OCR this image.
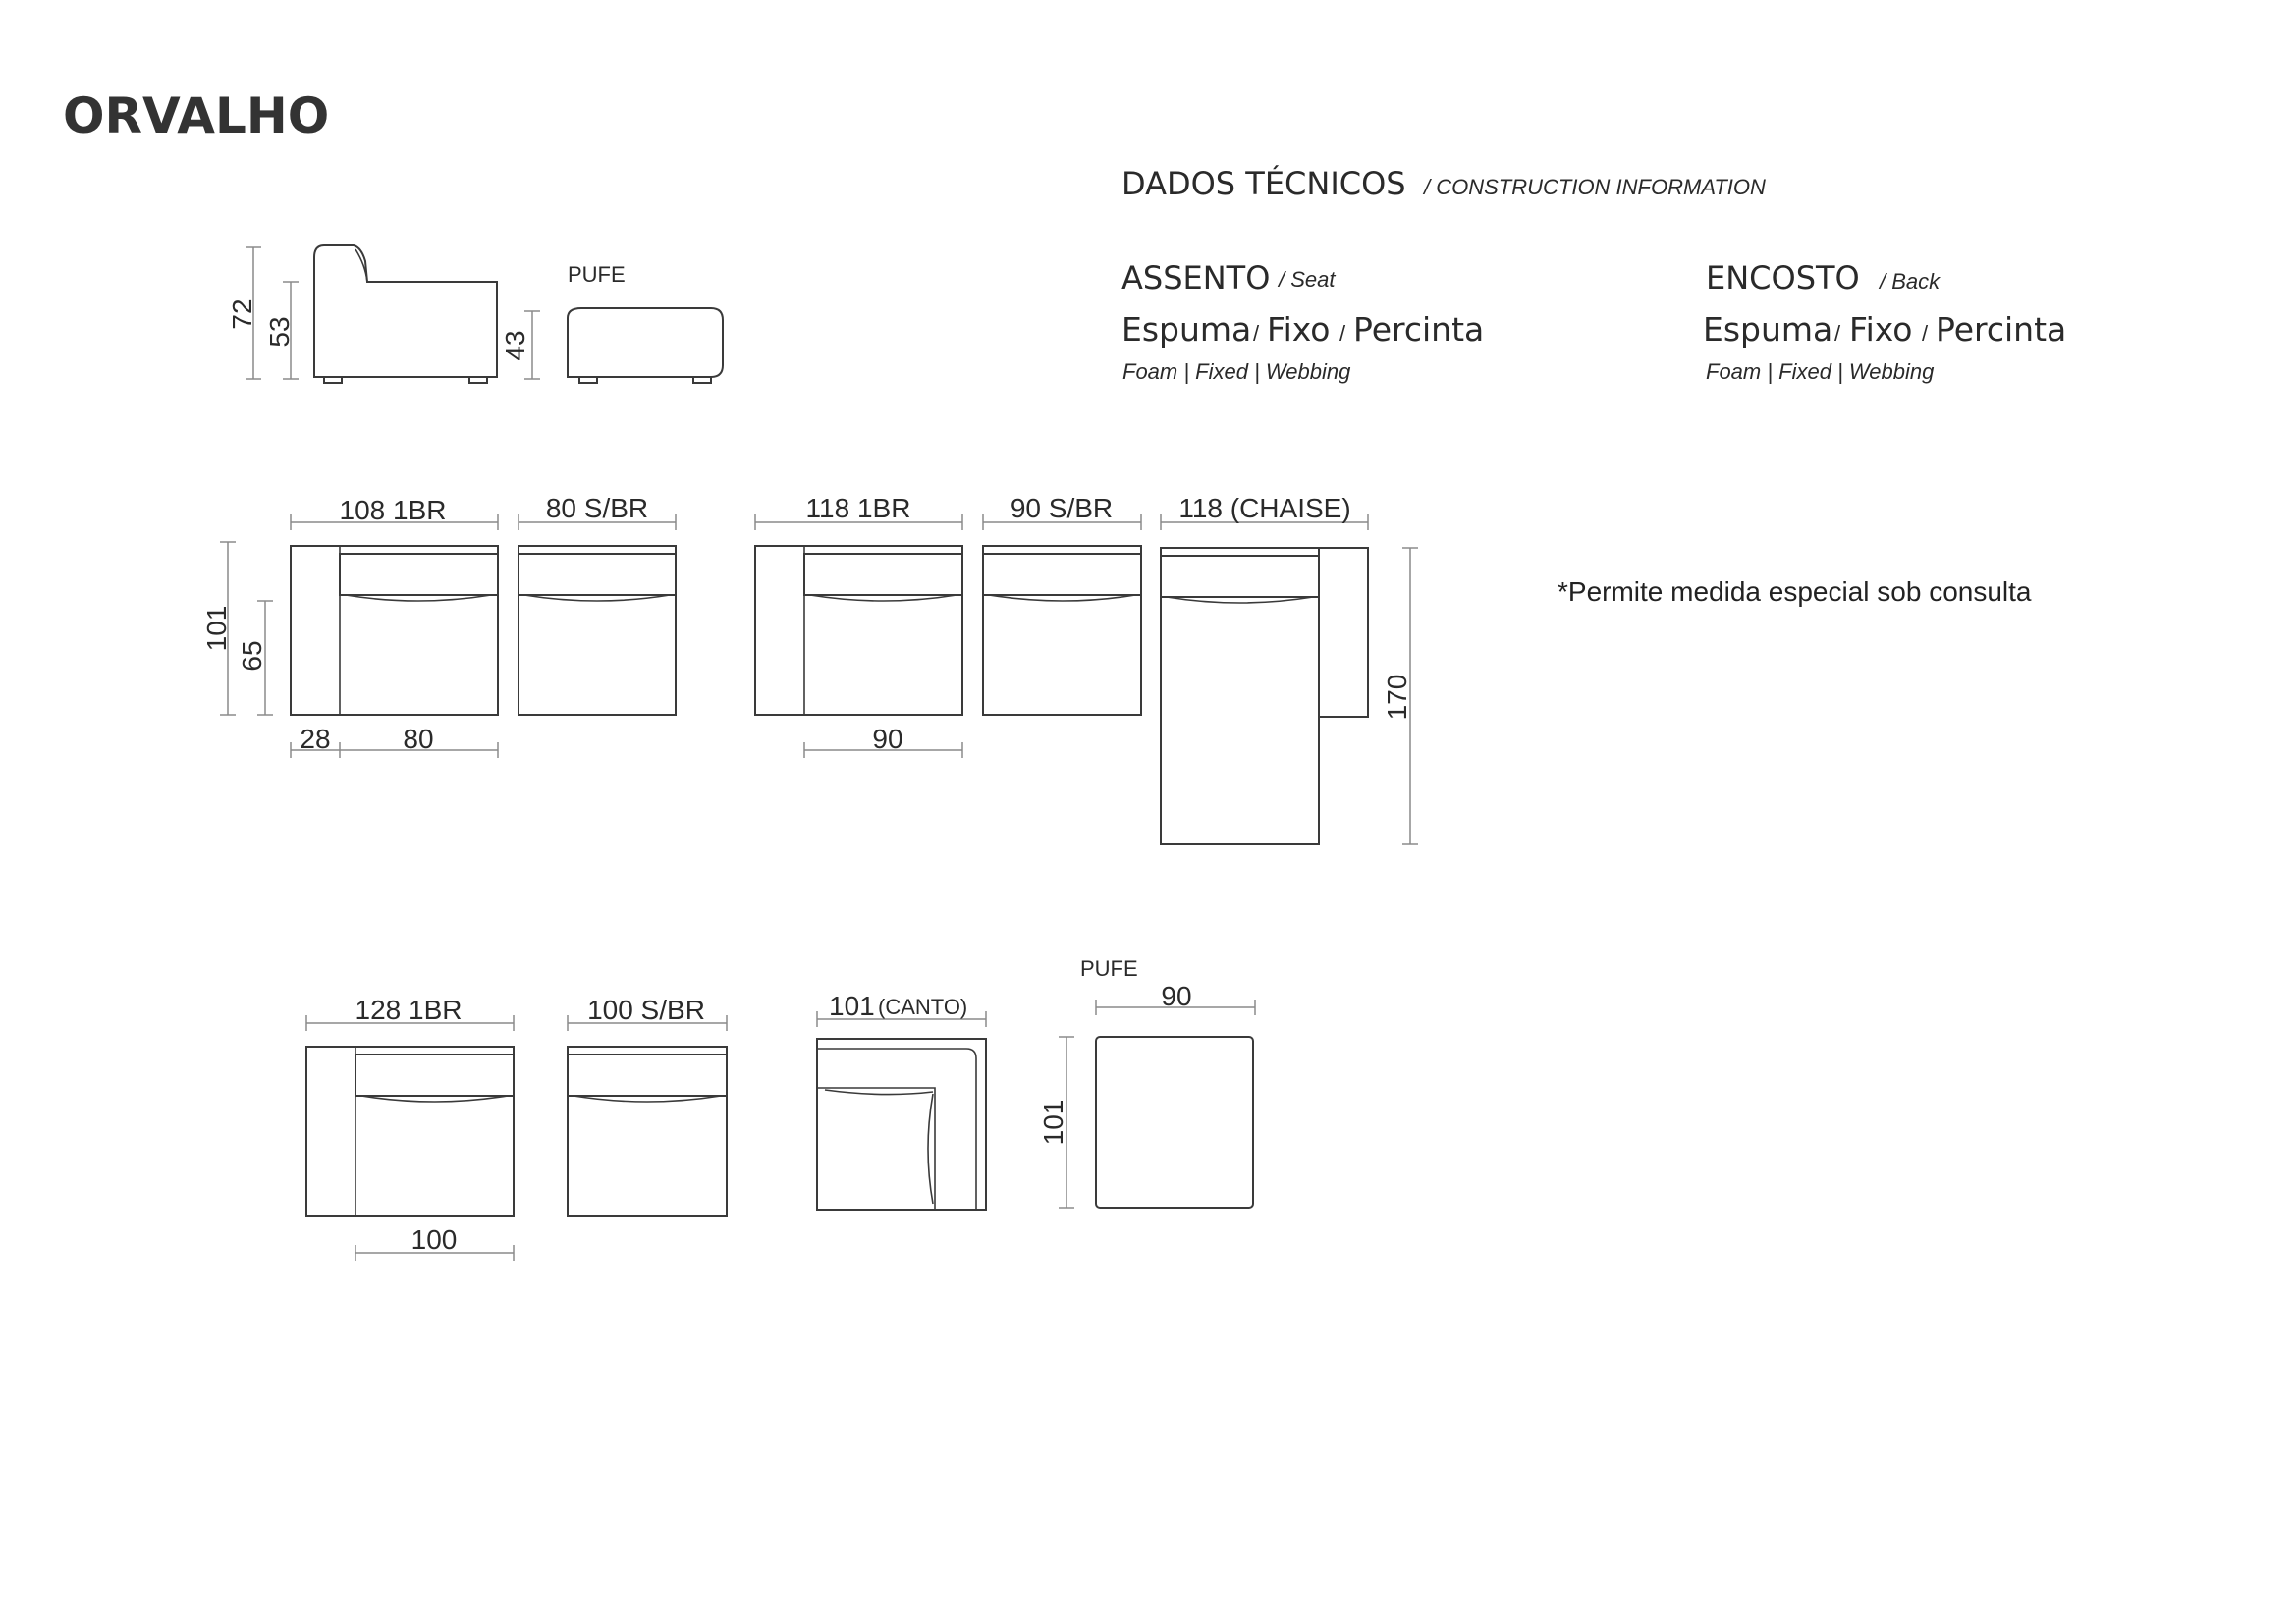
ORVALHO
DADOS TÉCNICOS / CONSTRUCTION INFORMATION
ASSENTO / Seat
Espuma / Fixo / Percinta
Foam | Fixed | Webbing
ENCOSTO / Back
Espuma / Fixo / Percinta
Foam | Fixed | Webbing
*Permite medida especial sob consulta
72
53
PUFE
43
108 1BR
101
65
28	80
80 S/BR	118 1BR
90
90 S/BR 118 (CHAISE)
170
128 1BR
100
100 S/BR	101 (CANTO)
PUFE
90
101
